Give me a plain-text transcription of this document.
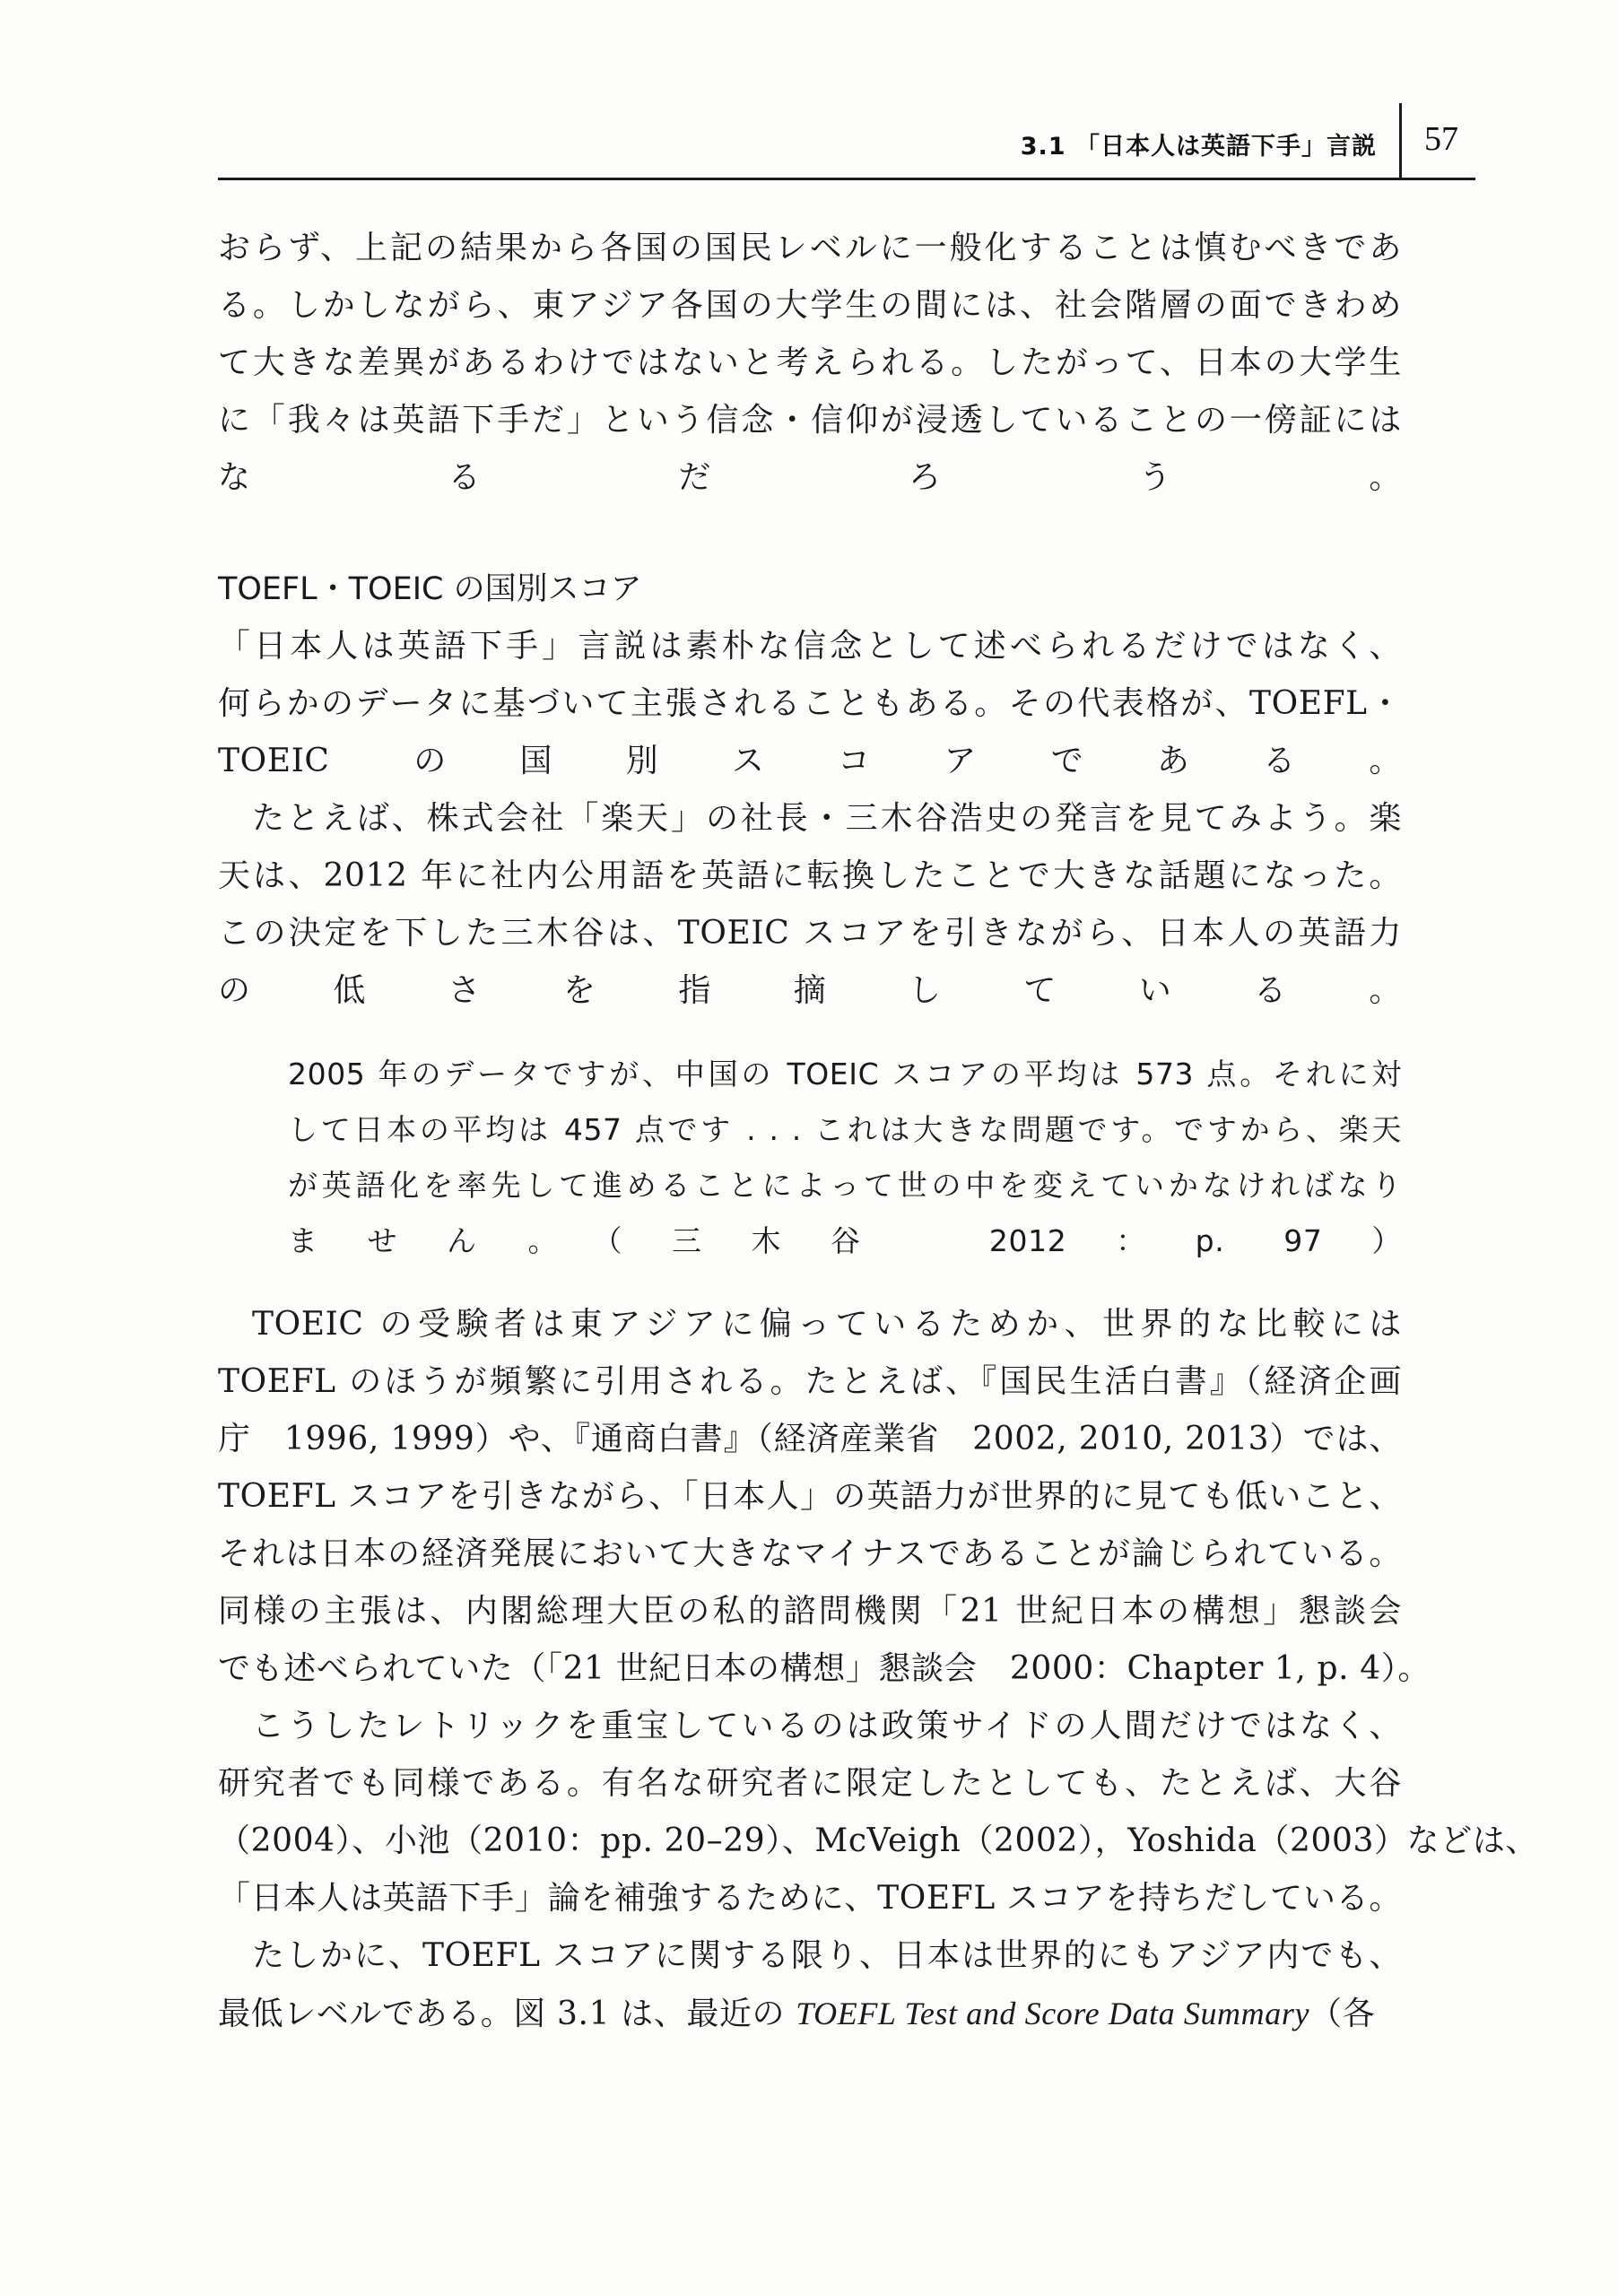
3.1 「日本人は英語下手」言説 57
おらず、上記の結果から各国の国民レベルに一般化することは慎むべきであ
る。しかしながら、東アジア各国の大学生の間には、社会階層の面できわめ
て大きな差異があるわけではないと考えられる。したがって、日本の大学生
に「我々は英語下手だ」という信念・信仰が浸透していることの一傍証には
なるだろう。
TOEFL・TOEIC の国別スコア
「日本人は英語下手」言説は素朴な信念として述べられるだけではなく、
何らかのデータに基づいて主張されることもある。その代表格が、TOEFL・
TOEIC の国別スコアである。
たとえば、株式会社「楽天」の社長・三木谷浩史の発言を見てみよう。楽
天は、2012 年に社内公用語を英語に転換したことで大きな話題になった。
この決定を下した三木谷は、TOEIC スコアを引きながら、日本人の英語力
の低さを指摘している。
2005 年のデータですが、中国の TOEIC スコアの平均は 573 点。それに対
して日本の平均は 457 点です . . . これは大きな問題です。ですから、楽天
が英語化を率先して進めることによって世の中を変えていかなければなり
ません。（三木谷　2012：p. 97）
TOEIC の受験者は東アジアに偏っているためか、世界的な比較には
TOEFL のほうが頻繁に引用される。たとえば、『国民生活白書』（経済企画
庁　1996, 1999）や、『通商白書』（経済産業省　2002, 2010, 2013）では、
TOEFL スコアを引きながら、「日本人」の英語力が世界的に見ても低いこと、
それは日本の経済発展において大きなマイナスであることが論じられている。
同様の主張は、内閣総理大臣の私的諮問機関「21 世紀日本の構想」懇談会
でも述べられていた（「21 世紀日本の構想」懇談会　2000：Chapter 1, p. 4）。
こうしたレトリックを重宝しているのは政策サイドの人間だけではなく、
研究者でも同様である。有名な研究者に限定したとしても、たとえば、大谷
（2004）、小池（2010：pp. 20–29）、McVeigh（2002），Yoshida（2003）などは、
「日本人は英語下手」論を補強するために、TOEFL スコアを持ちだしている。
たしかに、TOEFL スコアに関する限り、日本は世界的にもアジア内でも、
最低レベルである。図 3.1 は、最近の TOEFL Test and Score Data Summary（各
